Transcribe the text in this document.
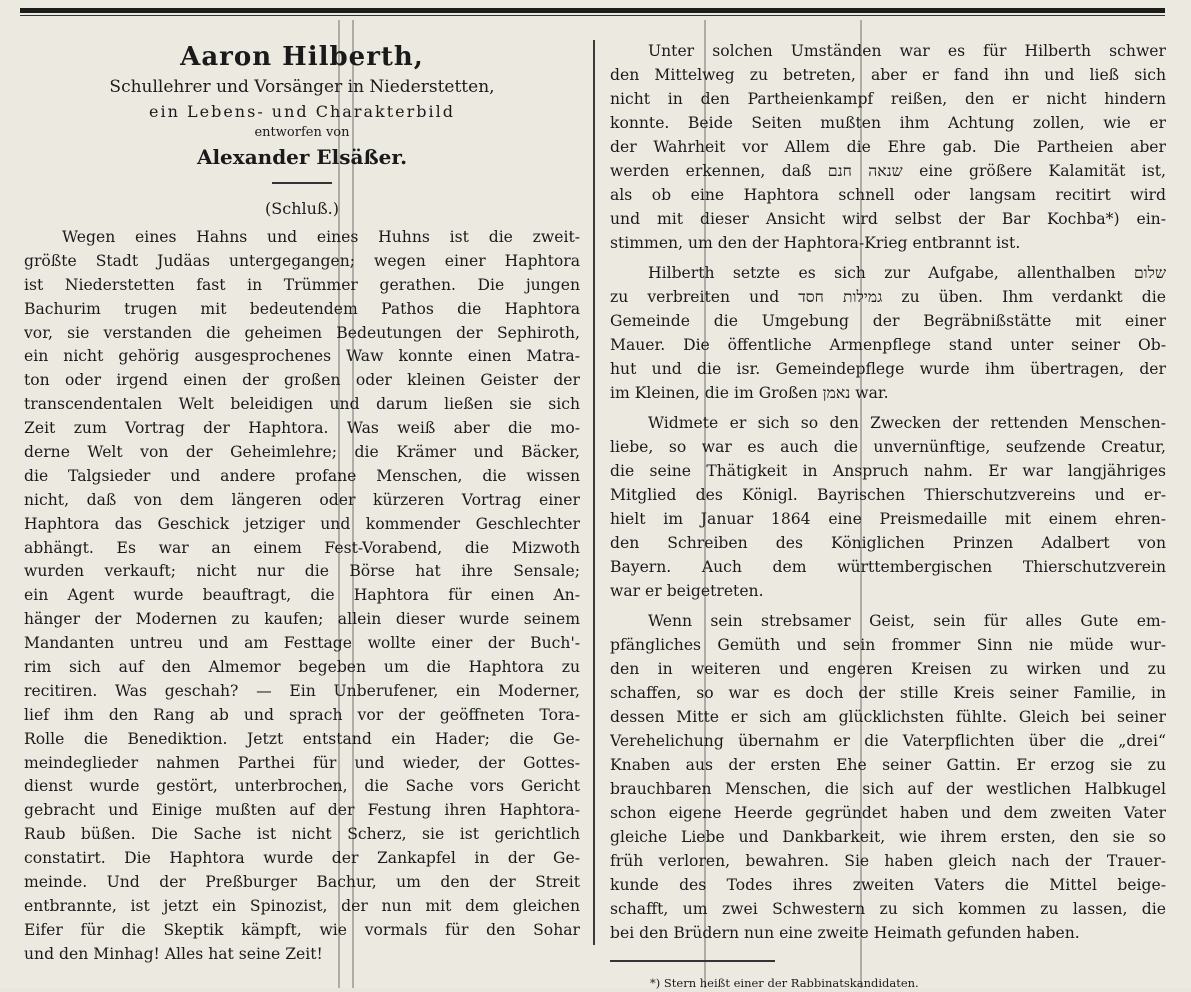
Aaron Hilberth,
Schullehrer und Vorsänger in Niederstetten,
ein Lebens- und Charakterbild
entworfen von
Alexander Elsäßer.
(Schluß.)
Wegen eines Hahns und eines Huhns ist die zweit-
größte Stadt Judäas untergegangen; wegen einer Haphtora
ist Niederstetten fast in Trümmer gerathen. Die jungen
Bachurim trugen mit bedeutendem Pathos die Haphtora
vor, sie verstanden die geheimen Bedeutungen der Sephiroth,
ein nicht gehörig ausgesprochenes Waw konnte einen Matra-
ton oder irgend einen der großen oder kleinen Geister der
transcendentalen Welt beleidigen und darum ließen sie sich
Zeit zum Vortrag der Haphtora. Was weiß aber die mo-
derne Welt von der Geheimlehre; die Krämer und Bäcker,
die Talgsieder und andere profane Menschen, die wissen
nicht, daß von dem längeren oder kürzeren Vortrag einer
Haphtora das Geschick jetziger und kommender Geschlechter
abhängt. Es war an einem Fest-Vorabend, die Mizwoth
wurden verkauft; nicht nur die Börse hat ihre Sensale;
ein Agent wurde beauftragt, die Haphtora für einen An-
hänger der Modernen zu kaufen; allein dieser wurde seinem
Mandanten untreu und am Festtage wollte einer der Buch'-
rim sich auf den Almemor begeben um die Haphtora zu
recitiren. Was geschah? — Ein Unberufener, ein Moderner,
lief ihm den Rang ab und sprach vor der geöffneten Tora-
Rolle die Benediktion. Jetzt entstand ein Hader; die Ge-
meindeglieder nahmen Parthei für und wieder, der Gottes-
dienst wurde gestört, unterbrochen, die Sache vors Gericht
gebracht und Einige mußten auf der Festung ihren Haphtora-
Raub büßen. Die Sache ist nicht Scherz, sie ist gerichtlich
constatirt. Die Haphtora wurde der Zankapfel in der Ge-
meinde. Und der Preßburger Bachur, um den der Streit
entbrannte, ist jetzt ein Spinozist, der nun mit dem gleichen
Eifer für die Skeptik kämpft, wie vormals für den Sohar
und den Minhag! Alles hat seine Zeit!
Unter solchen Umständen war es für Hilberth schwer
den Mittelweg zu betreten, aber er fand ihn und ließ sich
nicht in den Partheienkampf reißen, den er nicht hindern
konnte. Beide Seiten mußten ihm Achtung zollen, wie er
der Wahrheit vor Allem die Ehre gab. Die Partheien aber
werden erkennen, daß שנאה חנם eine größere Kalamität ist,
als ob eine Haphtora schnell oder langsam recitirt wird
und mit dieser Ansicht wird selbst der Bar Kochba*) ein-
stimmen, um den der Haphtora-Krieg entbrannt ist.
Hilberth setzte es sich zur Aufgabe, allenthalben שלום
zu verbreiten und גמילות חסד zu üben. Ihm verdankt die
Gemeinde die Umgebung der Begräbnißstätte mit einer
Mauer. Die öffentliche Armenpflege stand unter seiner Ob-
hut und die isr. Gemeindepflege wurde ihm übertragen, der
im Kleinen, die im Großen נאמן war.
Widmete er sich so den Zwecken der rettenden Menschen-
liebe, so war es auch die unvernünftige, seufzende Creatur,
die seine Thätigkeit in Anspruch nahm. Er war langjähriges
Mitglied des Königl. Bayrischen Thierschutzvereins und er-
hielt im Januar 1864 eine Preismedaille mit einem ehren-
den Schreiben des Königlichen Prinzen Adalbert von
Bayern. Auch dem württembergischen Thierschutzverein
war er beigetreten.
Wenn sein strebsamer Geist, sein für alles Gute em-
pfängliches Gemüth und sein frommer Sinn nie müde wur-
den in weiteren und engeren Kreisen zu wirken und zu
schaffen, so war es doch der stille Kreis seiner Familie, in
dessen Mitte er sich am glücklichsten fühlte. Gleich bei seiner
Verehelichung übernahm er die Vaterpflichten über die „drei“
Knaben aus der ersten Ehe seiner Gattin. Er erzog sie zu
brauchbaren Menschen, die sich auf der westlichen Halbkugel
schon eigene Heerde gegründet haben und dem zweiten Vater
gleiche Liebe und Dankbarkeit, wie ihrem ersten, den sie so
früh verloren, bewahren. Sie haben gleich nach der Trauer-
kunde des Todes ihres zweiten Vaters die Mittel beige-
schafft, um zwei Schwestern zu sich kommen zu lassen, die
bei den Brüdern nun eine zweite Heimath gefunden haben.
*) Stern heißt einer der Rabbinatskandidaten.
